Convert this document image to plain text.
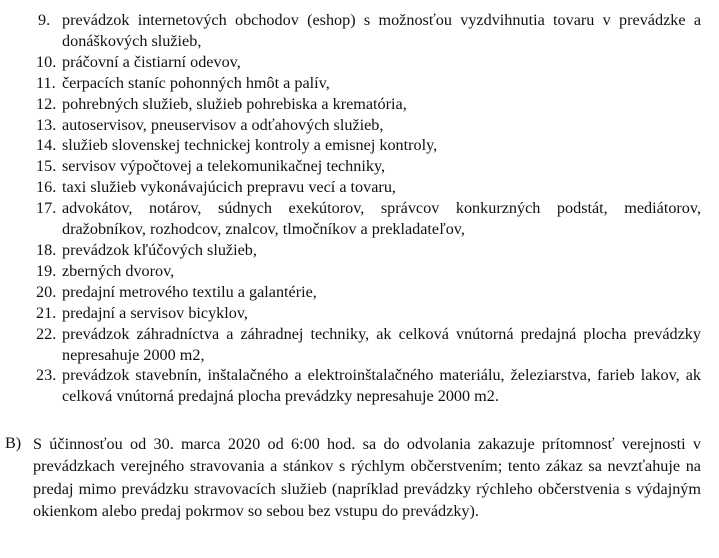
9. prevádzok internetových obchodov (eshop) s možnosťou vyzdvihnutia tovaru v prevádzke a donáškových služieb,
10. práčovní a čistiarní odevov,
11. čerpacích staníc pohonných hmôt a palív,
12. pohrebných služieb, služieb pohrebiska a krematória,
13. autoservisov, pneuservisov a odťahových služieb,
14. služieb slovenskej technickej kontroly a emisnej kontroly,
15. servisov výpočtovej a telekomunikačnej techniky,
16. taxi služieb vykonávajúcich prepravu vecí a tovaru,
17. advokátov, notárov, súdnych exekútorov, správcov konkurzných podstát, mediátorov, dražobníkov, rozhodcov, znalcov, tlmočníkov a prekladateľov,
18. prevádzok kľúčových služieb,
19. zberných dvorov,
20. predajní metrového textilu a galantérie,
21. predajní a servisov bicyklov,
22. prevádzok záhradníctva a záhradnej techniky, ak celková vnútorná predajná plocha prevádzky nepresahuje 2000 m2,
23. prevádzok stavebnín, inštalačného a elektroinštalačného materiálu, železiarstva, farieb lakov, ak celková vnútorná predajná plocha prevádzky nepresahuje 2000 m2.
B) S účinnosťou od 30. marca 2020 od 6:00 hod. sa do odvolania zakazuje prítomnosť verejnosti v prevádzkach verejného stravovania a stánkov s rýchlym občerstvením; tento zákaz sa nevzťahuje na predaj mimo prevádzku stravovacích služieb (napríklad prevádzky rýchleho občerstvenia s výdajným okienkom alebo predaj pokrmov so sebou bez vstupu do prevádzky).
